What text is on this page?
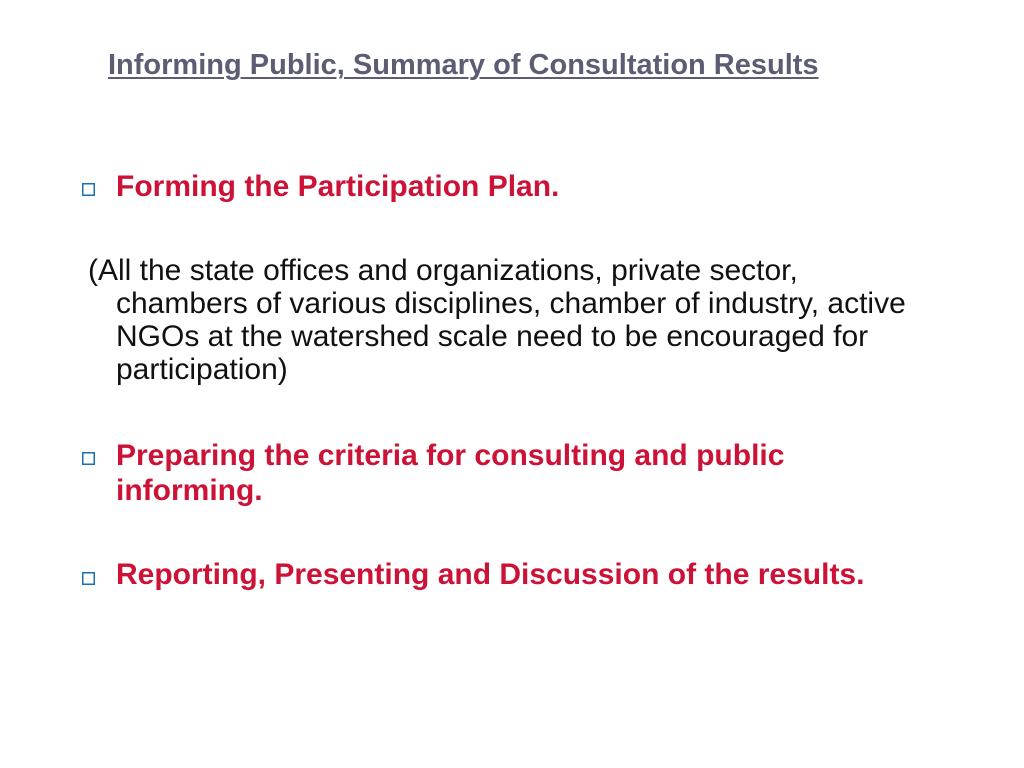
Informing Public, Summary of Consultation Results
Forming the Participation Plan.
(All the state offices and organizations, private sector, chambers of various disciplines, chamber of industry, active NGOs at the watershed scale need to be encouraged for participation)
Preparing the criteria for consulting and public informing.
Reporting, Presenting and Discussion of the results.
